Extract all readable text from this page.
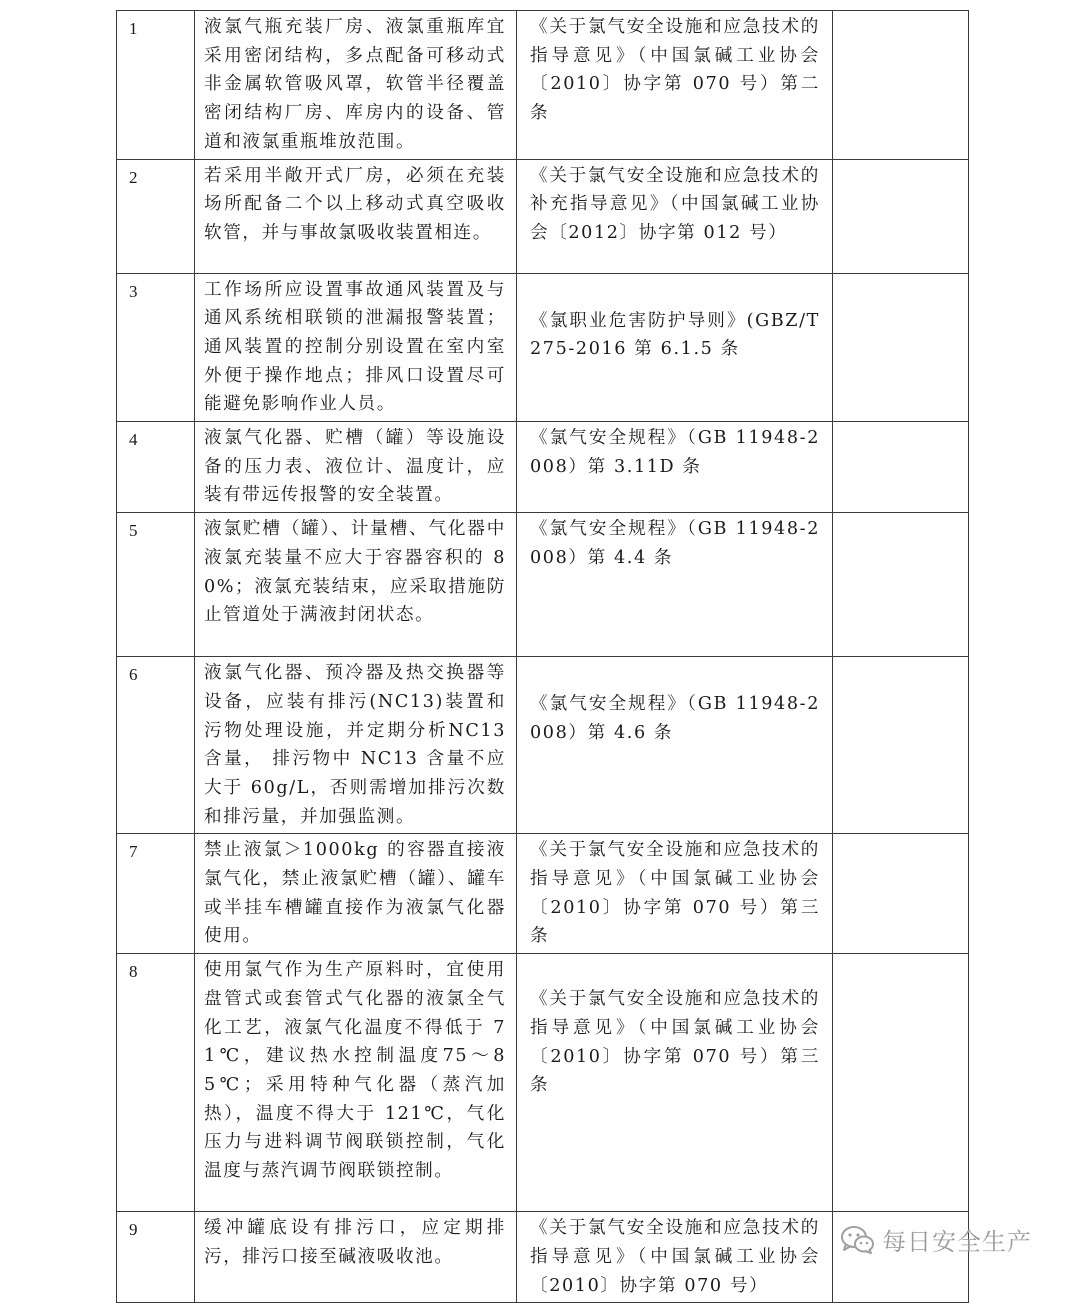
1	液氯气瓶充装厂房、液氯重瓶库宜采用密闭结构，多点配备可移动式非金属软管吸风罩，软管半径覆盖密闭结构厂房、库房内的设备、管道和液氯重瓶堆放范围。	《关于氯气安全设施和应急技术的指导意见》（中国氯碱工业协会〔2010〕协字第 070 号）第二条	

2	若采用半敞开式厂房，必须在充装场所配备二个以上移动式真空吸收软管，并与事故氯吸收装置相连。	《关于氯气安全设施和应急技术的补充指导意见》（中国氯碱工业协会〔2012〕协字第 012 号）	

3	工作场所应设置事故通风装置及与通风系统相联锁的泄漏报警装置；通风装置的控制分别设置在室内室外便于操作地点；排风口设置尽可能避免影响作业人员。	《氯职业危害防护导则》(GBZ/T 275-2016 第 6.1.5 条	

4	液氯气化器、贮槽（罐）等设施设备的压力表、液位计、温度计，应装有带远传报警的安全装置。	《氯气安全规程》（GB 11948-2008）第 3.11D 条	

5	液氯贮槽（罐）、计量槽、气化器中液氯充装量不应大于容器容积的 80%；液氯充装结束，应采取措施防止管道处于满液封闭状态。	《氯气安全规程》（GB 11948-2008）第 4.4 条	

6	液氯气化器、预冷器及热交换器等设备，应装有排污(NC13)装置和污物处理设施，并定期分析NC13 含量， 排污物中 NC13 含量不应大于 60g/L，否则需增加排污次数和排污量，并加强监测。	《氯气安全规程》（GB 11948-2008）第 4.6 条	

7	禁止液氯＞1000kg 的容器直接液氯气化，禁止液氯贮槽（罐）、罐车或半挂车槽罐直接作为液氯气化器使用。	《关于氯气安全设施和应急技术的指导意见》（中国氯碱工业协会〔2010〕协字第 070 号）第三条	

8	使用氯气作为生产原料时，宜使用盘管式或套管式气化器的液氯全气化工艺，液氯气化温度不得低于 71℃，建议热水控制温度75～85℃；采用特种气化器（蒸汽加热），温度不得大于 121℃，气化压力与进料调节阀联锁控制，气化温度与蒸汽调节阀联锁控制。	《关于氯气安全设施和应急技术的指导意见》（中国氯碱工业协会〔2010〕协字第 070 号）第三条	

9	缓冲罐底设有排污口，应定期排污，排污口接至碱液吸收池。	《关于氯气安全设施和应急技术的指导意见》（中国氯碱工业协会〔2010〕协字第 070 号）	

每日安全生产
